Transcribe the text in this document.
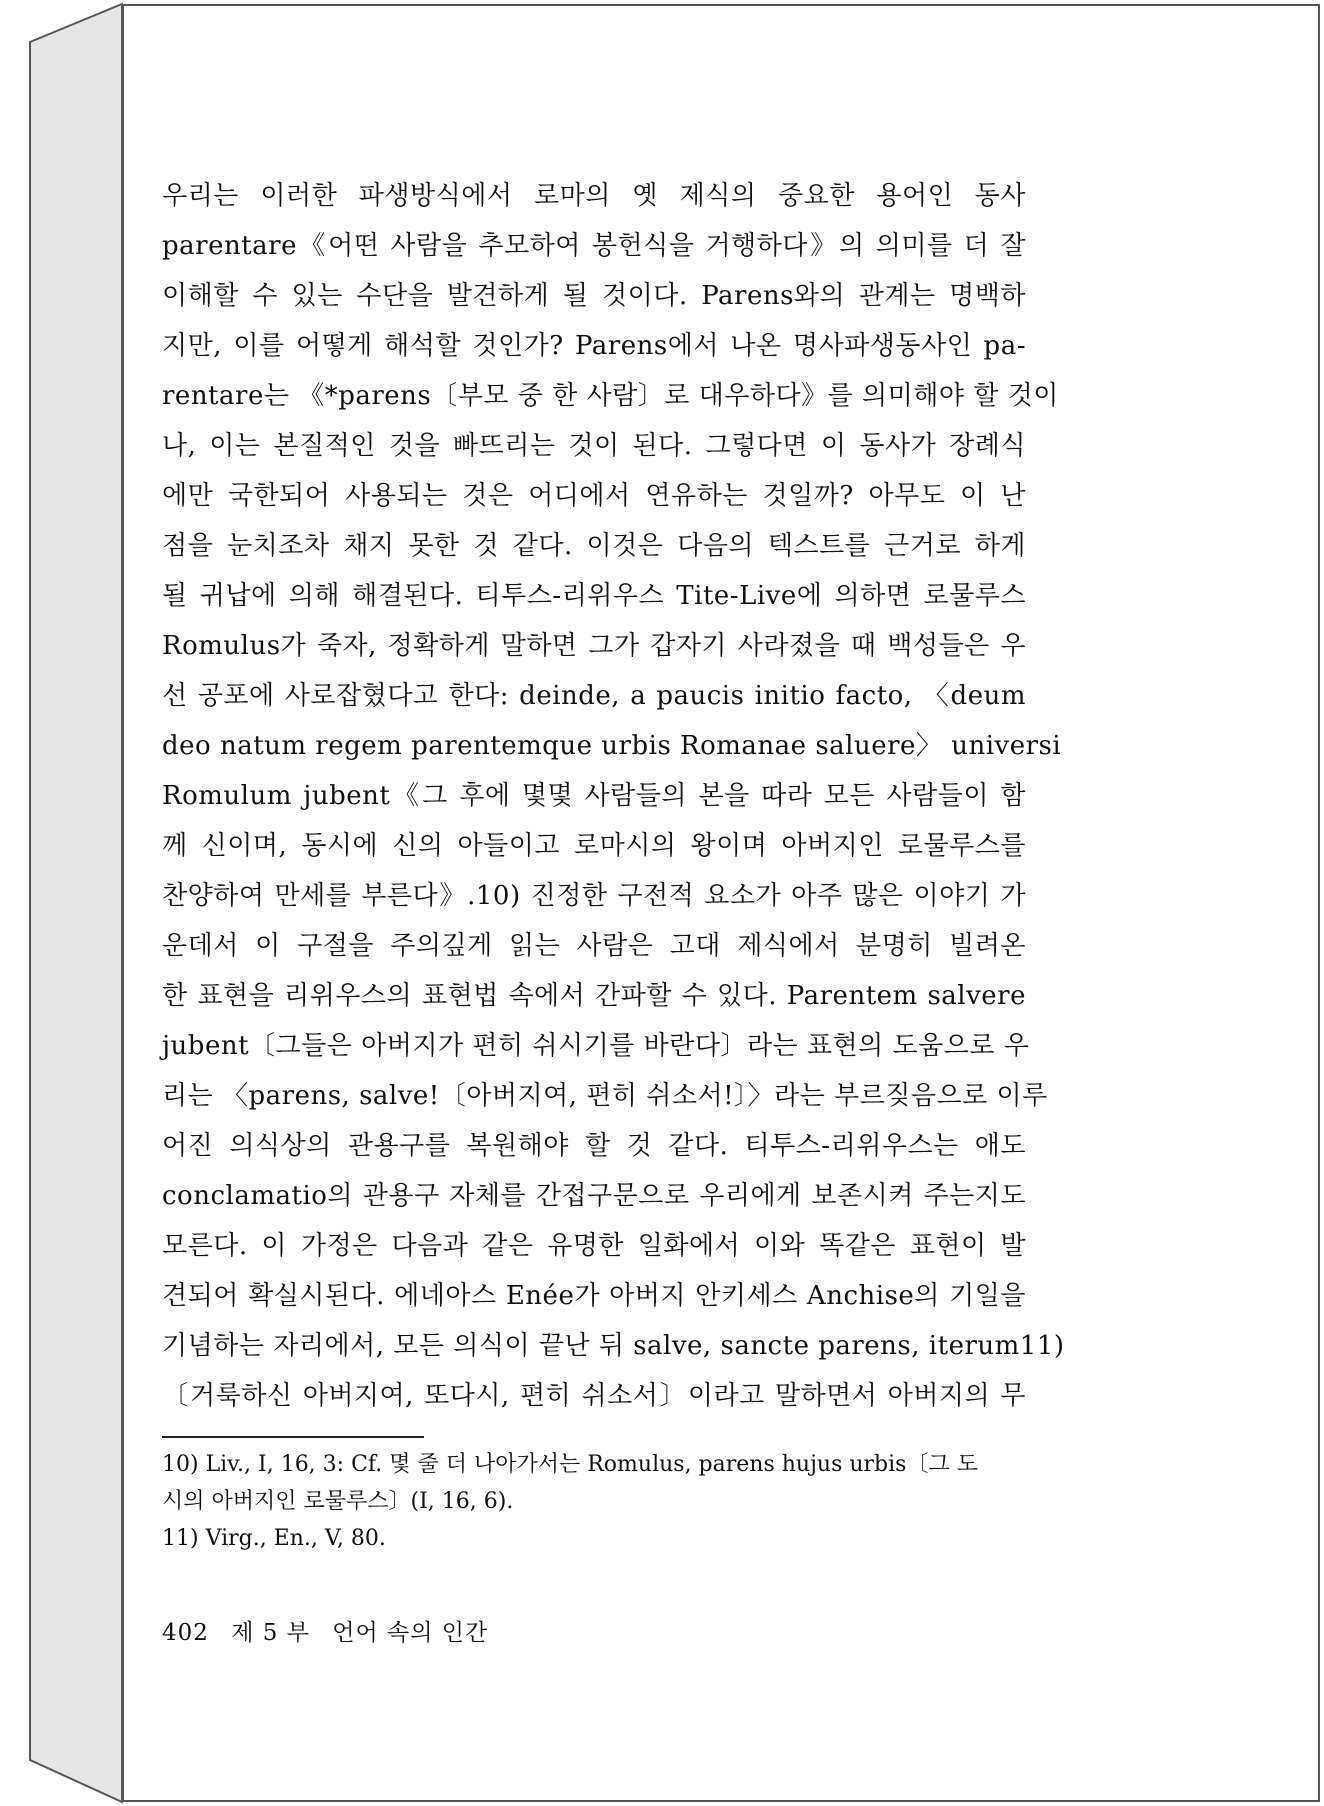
우리는 이러한 파생방식에서 로마의 옛 제식의 중요한 용어인 동사
parentare《어떤 사람을 추모하여 봉헌식을 거행하다》의 의미를 더 잘
이해할 수 있는 수단을 발견하게 될 것이다. Parens와의 관계는 명백하
지만, 이를 어떻게 해석할 것인가? Parens에서 나온 명사파생동사인 pa-
rentare는 《*parens〔부모 중 한 사람〕로 대우하다》를 의미해야 할 것이
나, 이는 본질적인 것을 빠뜨리는 것이 된다. 그렇다면 이 동사가 장례식
에만 국한되어 사용되는 것은 어디에서 연유하는 것일까? 아무도 이 난
점을 눈치조차 채지 못한 것 같다. 이것은 다음의 텍스트를 근거로 하게
될 귀납에 의해 해결된다. 티투스-리위우스 Tite-Live에 의하면 로물루스
Romulus가 죽자, 정확하게 말하면 그가 갑자기 사라졌을 때 백성들은 우
선 공포에 사로잡혔다고 한다: deinde, a paucis initio facto, 〈deum
deo natum regem parentemque urbis Romanae saluere〉 universi
Romulum jubent《그 후에 몇몇 사람들의 본을 따라 모든 사람들이 함
께 신이며, 동시에 신의 아들이고 로마시의 왕이며 아버지인 로물루스를
찬양하여 만세를 부른다》.10) 진정한 구전적 요소가 아주 많은 이야기 가
운데서 이 구절을 주의깊게 읽는 사람은 고대 제식에서 분명히 빌려온
한 표현을 리위우스의 표현법 속에서 간파할 수 있다. Parentem salvere
jubent〔그들은 아버지가 편히 쉬시기를 바란다〕라는 표현의 도움으로 우
리는 〈parens, salve!〔아버지여, 편히 쉬소서!〕〉라는 부르짖음으로 이루
어진 의식상의 관용구를 복원해야 할 것 같다. 티투스-리위우스는 애도
conclamatio의 관용구 자체를 간접구문으로 우리에게 보존시켜 주는지도
모른다. 이 가정은 다음과 같은 유명한 일화에서 이와 똑같은 표현이 발
견되어 확실시된다. 에네아스 Enée가 아버지 안키세스 Anchise의 기일을
기념하는 자리에서, 모든 의식이 끝난 뒤 salve, sancte parens, iterum11)
〔거룩하신 아버지여, 또다시, 편히 쉬소서〕이라고 말하면서 아버지의 무
10) Liv., I, 16, 3: Cf. 몇 줄 더 나아가서는 Romulus, parens hujus urbis〔그 도
시의 아버지인 로물루스〕(I, 16, 6).
11) Virg., En., V, 80.
402 제 5 부 언어 속의 인간
